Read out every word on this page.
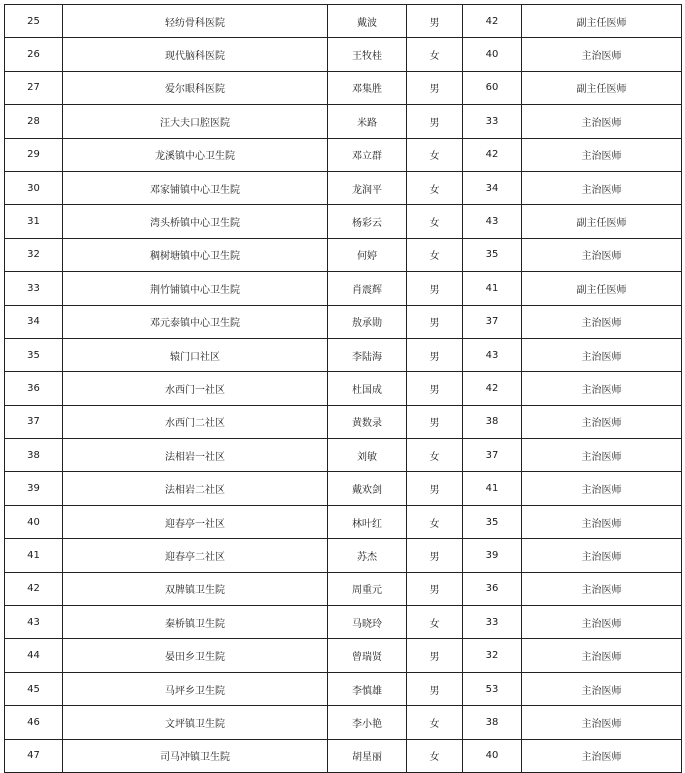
25	轻纺骨科医院	戴波	男	42	副主任医师
26	现代脑科医院	王牧桂	女	40	主治医师
27	爱尔眼科医院	邓集胜	男	60	副主任医师
28	汪大夫口腔医院	米路	男	33	主治医师
29	龙溪镇中心卫生院	邓立群	女	42	主治医师
30	邓家铺镇中心卫生院	龙润平	女	34	主治医师
31	湾头桥镇中心卫生院	杨彩云	女	43	副主任医师
32	稠树塘镇中心卫生院	何婷	女	35	主治医师
33	荆竹铺镇中心卫生院	肖震辉	男	41	副主任医师
34	邓元泰镇中心卫生院	敖承勋	男	37	主治医师
35	辕门口社区	李陆海	男	43	主治医师
36	水西门一社区	杜国成	男	42	主治医师
37	水西门二社区	黄数录	男	38	主治医师
38	法相岩一社区	刘敏	女	37	主治医师
39	法相岩二社区	戴欢剑	男	41	主治医师
40	迎春亭一社区	林叶红	女	35	主治医师
41	迎春亭二社区	苏杰	男	39	主治医师
42	双牌镇卫生院	周重元	男	36	主治医师
43	秦桥镇卫生院	马晓玲	女	33	主治医师
44	晏田乡卫生院	曾瑞贤	男	32	主治医师
45	马坪乡卫生院	李慎雄	男	53	主治医师
46	文坪镇卫生院	李小艳	女	38	主治医师
47	司马冲镇卫生院	胡星丽	女	40	主治医师
